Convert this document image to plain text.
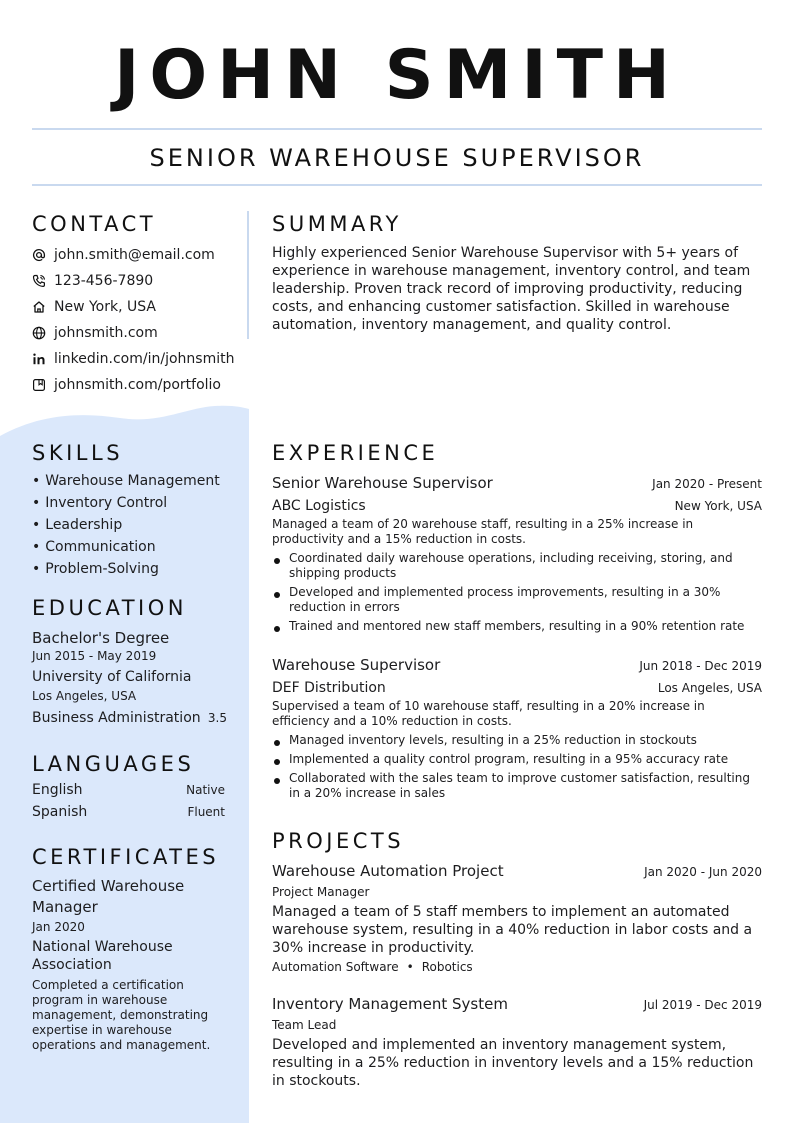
JOHN SMITH
SENIOR WAREHOUSE SUPERVISOR
CONTACT
john.smith@email.com
123-456-7890
New York, USA
johnsmith.com
linkedin.com/in/johnsmith
johnsmith.com/portfolio
SKILLS
• Warehouse Management
• Inventory Control
• Leadership
• Communication
• Problem-Solving
EDUCATION
Bachelor's Degree
Jun 2015 - May 2019
University of California
Los Angeles, USA
Business Administration 3.5
LANGUAGES
English	Native
Spanish	Fluent
CERTIFICATES
Certified Warehouse Manager
Jan 2020
National Warehouse Association
Completed a certification program in warehouse management, demonstrating expertise in warehouse operations and management.
SUMMARY
Highly experienced Senior Warehouse Supervisor with 5+ years of experience in warehouse management, inventory control, and team leadership. Proven track record of improving productivity, reducing costs, and enhancing customer satisfaction. Skilled in warehouse automation, inventory management, and quality control.
EXPERIENCE
Senior Warehouse Supervisor	Jan 2020 - Present
ABC Logistics	New York, USA
Managed a team of 20 warehouse staff, resulting in a 25% increase in productivity and a 15% reduction in costs.
Coordinated daily warehouse operations, including receiving, storing, and shipping products
Developed and implemented process improvements, resulting in a 30% reduction in errors
Trained and mentored new staff members, resulting in a 90% retention rate
Warehouse Supervisor	Jun 2018 - Dec 2019
DEF Distribution	Los Angeles, USA
Supervised a team of 10 warehouse staff, resulting in a 20% increase in efficiency and a 10% reduction in costs.
Managed inventory levels, resulting in a 25% reduction in stockouts
Implemented a quality control program, resulting in a 95% accuracy rate
Collaborated with the sales team to improve customer satisfaction, resulting in a 20% increase in sales
PROJECTS
Warehouse Automation Project	Jan 2020 - Jun 2020
Project Manager
Managed a team of 5 staff members to implement an automated warehouse system, resulting in a 40% reduction in labor costs and a 30% increase in productivity.
Automation Software • Robotics
Inventory Management System	Jul 2019 - Dec 2019
Team Lead
Developed and implemented an inventory management system, resulting in a 25% reduction in inventory levels and a 15% reduction in stockouts.
